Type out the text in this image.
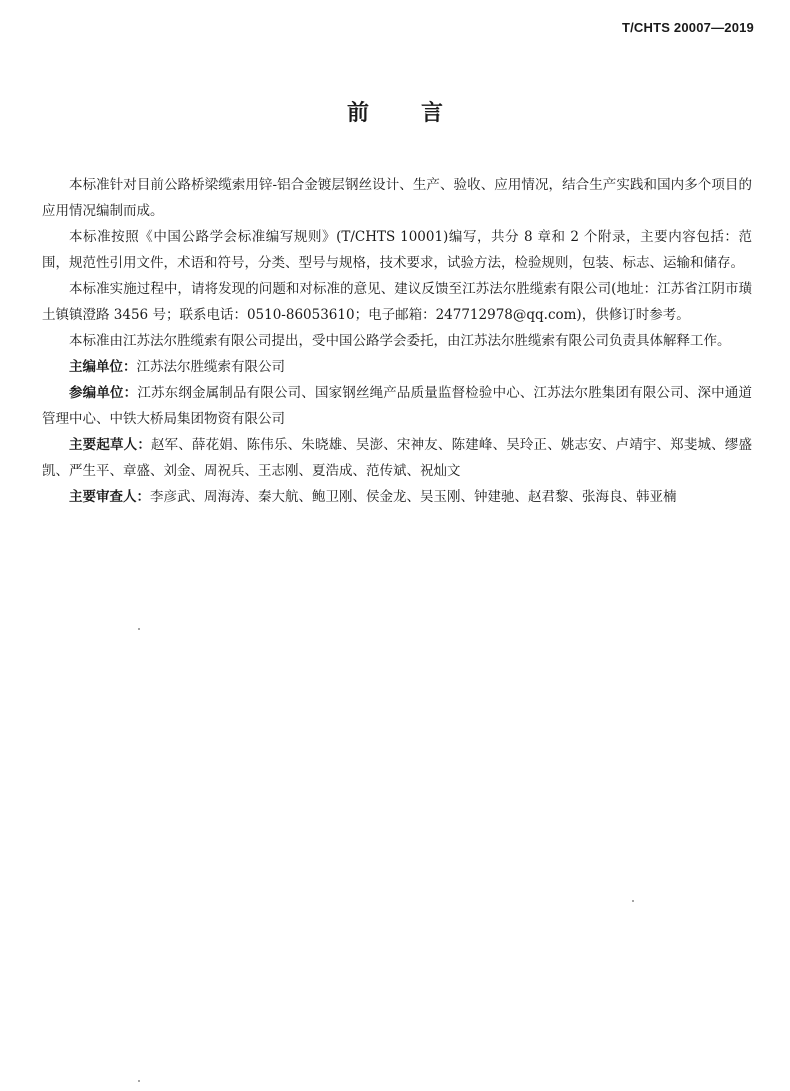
T/CHTS 20007—2019
前言

本标准针对目前公路桥梁缆索用锌-铝合金镀层钢丝设计、生产、验收、应用情况，结合生产实践和国内多个项目的应用情况编制而成。

本标准按照《中国公路学会标准编写规则》(T/CHTS 10001)编写，共分 8 章和 2 个附录，主要内容包括：范围，规范性引用文件，术语和符号，分类、型号与规格，技术要求，试验方法，检验规则，包装、标志、运输和储存。

本标准实施过程中，请将发现的问题和对标准的意见、建议反馈至江苏法尔胜缆索有限公司(地址：江苏省江阴市璜土镇镇澄路 3456 号；联系电话：0510-86053610；电子邮箱：247712978@qq.com)，供修订时参考。

本标准由江苏法尔胜缆索有限公司提出，受中国公路学会委托，由江苏法尔胜缆索有限公司负责具体解释工作。

主编单位：江苏法尔胜缆索有限公司

参编单位：江苏东纲金属制品有限公司、国家钢丝绳产品质量监督检验中心、江苏法尔胜集团有限公司、深中通道管理中心、中铁大桥局集团物资有限公司

主要起草人：赵军、薛花娟、陈伟乐、朱晓雄、吴澎、宋神友、陈建峰、吴玲正、姚志安、卢靖宇、郑斐城、缪盛凯、严生平、章盛、刘金、周祝兵、王志刚、夏浩成、范传斌、祝灿文

主要审查人：李彦武、周海涛、秦大航、鲍卫刚、侯金龙、吴玉刚、钟建驰、赵君黎、张海良、韩亚楠
